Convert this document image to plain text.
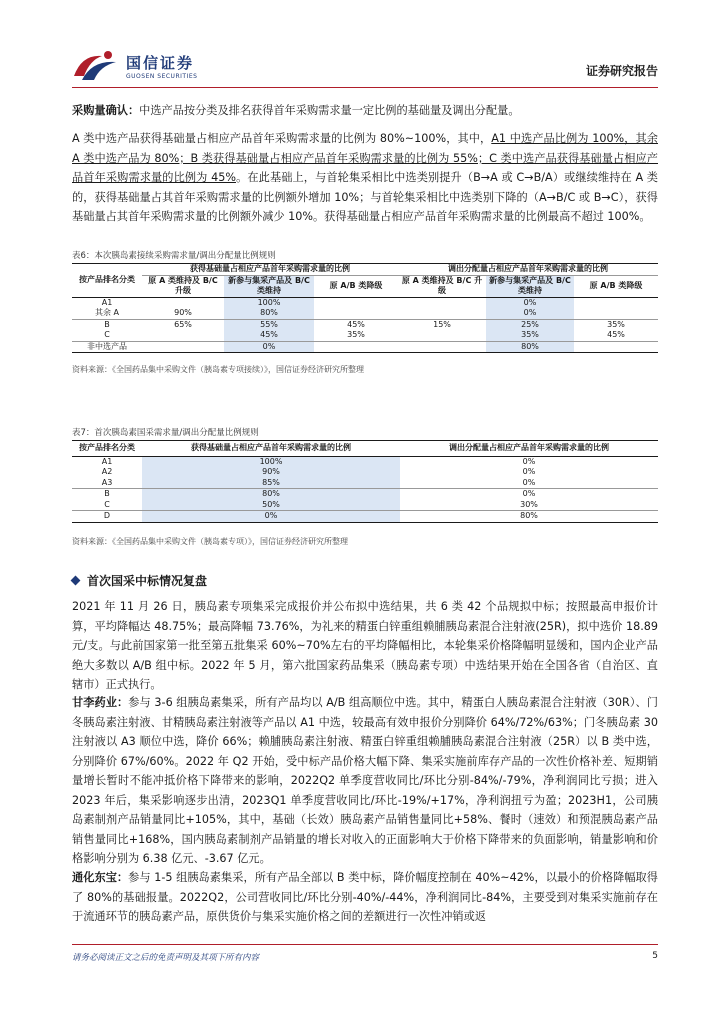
国信证券
GUOSEN SECURITIES	证券研究报告
采购量确认：中选产品按分类及排名获得首年采购需求量一定比例的基础量及调出分配量。
A 类中选产品获得基础量占相应产品首年采购需求量的比例为 80%~100%，其中，A1 中选产品比例为 100%，其余 A 类中选产品为 80%；B 类获得基础量占相应产品首年采购需求量的比例为 55%；C 类中选产品获得基础量占相应产品首年采购需求量的比例为 45%。在此基础上，与首轮集采相比中选类别提升（B→A 或 C→B/A）或继续维持在 A 类的，获得基础量占其首年采购需求量的比例额外增加 10%；与首轮集采相比中选类别下降的（A→B/C 或 B→C），获得基础量占其首年采购需求量的比例额外减少 10%。获得基础量占相应产品首年采购需求量的比例最高不超过 100%。
表6：本次胰岛素接续采购需求量/调出分配量比例规则
按产品排名分类	获得基础量占相应产品首年采购需求量的比例			调出分配量占相应产品首年采购需求量的比例		
	原 A 类维持及 B/C 升级	新参与集采产品及 B/C 类维持	原 A/B 类降级	原 A 类维持及 B/C 升级	新参与集采产品及 B/C 类维持	原 A/B 类降级
A1		100%			0%	
其余 A	90%	80%			0%	
B	65%	55%	45%	15%	25%	35%
C		45%	35%		35%	45%
非中选产品		0%			80%	
资料来源：《全国药品集中采购文件（胰岛素专项接续）》，国信证券经济研究所整理
表7：首次胰岛素国采需求量/调出分配量比例规则
按产品排名分类	获得基础量占相应产品首年采购需求量的比例	调出分配量占相应产品首年采购需求量的比例
A1	100%	0%
A2	90%	0%
A3	85%	0%
B	80%	0%
C	50%	30%
D	0%	80%
资料来源：《全国药品集中采购文件（胰岛素专项）》，国信证券经济研究所整理
首次国采中标情况复盘
2021 年 11 月 26 日，胰岛素专项集采完成报价并公布拟中选结果，共 6 类 42 个品规拟中标；按照最高申报价计算，平均降幅达 48.75%；最高降幅 73.76%，为礼来的精蛋白锌重组赖脯胰岛素混合注射液(25R)，拟中选价 18.89 元/支。与此前国家第一批至第五批集采 60%~70%左右的平均降幅相比，本轮集采价格降幅明显缓和，国内企业产品绝大多数以 A/B 组中标。2022 年 5 月，第六批国家药品集采（胰岛素专项）中选结果开始在全国各省（自治区、直辖市）正式执行。
甘李药业：参与 3-6 组胰岛素集采，所有产品均以 A/B 组高顺位中选。其中，精蛋白人胰岛素混合注射液（30R）、门冬胰岛素注射液、甘精胰岛素注射液等产品以 A1 中选，较最高有效申报价分别降价 64%/72%/63%；门冬胰岛素 30 注射液以 A3 顺位中选，降价 66%；赖脯胰岛素注射液、精蛋白锌重组赖脯胰岛素混合注射液（25R）以 B 类中选，分别降价 67%/60%。2022 年 Q2 开始，受中标产品价格大幅下降、集采实施前库存产品的一次性价格补差、短期销量增长暂时不能冲抵价格下降带来的影响，2022Q2 单季度营收同比/环比分别-84%/-79%，净利润同比亏损；进入 2023 年后，集采影响逐步出清，2023Q1 单季度营收同比/环比-19%/+17%，净利润扭亏为盈；2023H1，公司胰岛素制剂产品销量同比+105%，其中，基础（长效）胰岛素产品销售量同比+58%、餐时（速效）和预混胰岛素产品销售量同比+168%，国内胰岛素制剂产品销量的增长对收入的正面影响大于价格下降带来的负面影响，销量影响和价格影响分别为 6.38 亿元、-3.67 亿元。
通化东宝：参与 1-5 组胰岛素集采，所有产品全部以 B 类中标，降价幅度控制在 40%~42%，以最小的价格降幅取得了 80%的基础报量。2022Q2，公司营收同比/环比分别-40%/-44%，净利润同比-84%，主要受到对集采实施前存在于流通环节的胰岛素产品，原供货价与集采实施价格之间的差额进行一次性冲销或返
请务必阅读正文之后的免责声明及其项下所有内容	5
